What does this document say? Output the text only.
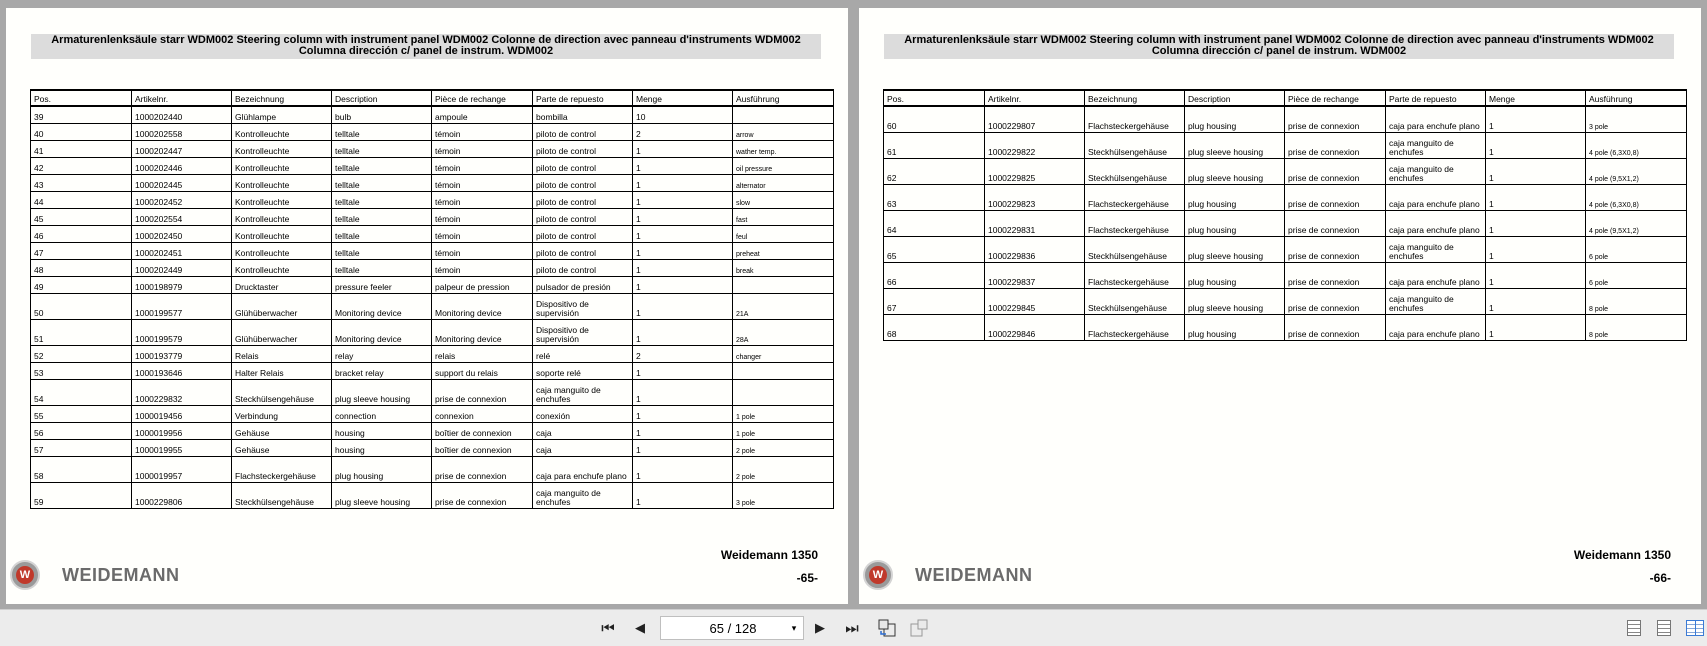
Armaturenlenksäule starr WDM002 Steering column with instrument panel WDM002 Colonne de direction avec panneau d'instruments WDM002 Columna dirección c/ panel de instrum. WDM002
Pos.	Artikelnr.	Bezeichnung	Description	Pièce de rechange	Parte de repuesto	Menge	Ausführung
39	1000202440	Glühlampe	bulb	ampoule	bombilla	10	
40	1000202558	Kontrolleuchte	telltale	témoin	piloto de control	2	arrow
41	1000202447	Kontrolleuchte	telltale	témoin	piloto de control	1	wather temp.
42	1000202446	Kontrolleuchte	telltale	témoin	piloto de control	1	oil pressure
43	1000202445	Kontrolleuchte	telltale	témoin	piloto de control	1	alternator
44	1000202452	Kontrolleuchte	telltale	témoin	piloto de control	1	slow
45	1000202554	Kontrolleuchte	telltale	témoin	piloto de control	1	fast
46	1000202450	Kontrolleuchte	telltale	témoin	piloto de control	1	feul
47	1000202451	Kontrolleuchte	telltale	témoin	piloto de control	1	preheat
48	1000202449	Kontrolleuchte	telltale	témoin	piloto de control	1	break
49	1000198979	Drucktaster	pressure feeler	palpeur de pression	pulsador de presión	1	
50	1000199577	Glühüberwacher	Monitoring device	Monitoring device	Dispositivo de supervisión	1	21A
51	1000199579	Glühüberwacher	Monitoring device	Monitoring device	Dispositivo de supervisión	1	28A
52	1000193779	Relais	relay	relais	relé	2	changer
53	1000193646	Halter Relais	bracket relay	support du relais	soporte relé	1	
54	1000229832	Steckhülsengehäuse	plug sleeve housing	prise de connexion	caja manguito de enchufes	1	
55	1000019456	Verbindung	connection	connexion	conexión	1	1 pole
56	1000019956	Gehäuse	housing	boîtier de connexion	caja	1	1 pole
57	1000019955	Gehäuse	housing	boîtier de connexion	caja	1	2 pole
58	1000019957	Flachsteckergehäuse	plug housing	prise de connexion	caja para enchufe plano	1	2 pole
59	1000229806	Steckhülsengehäuse	plug sleeve housing	prise de connexion	caja manguito de enchufes	1	3 pole
Weidemann 1350
-65-
W WEIDEMANN
Armaturenlenksäule starr WDM002 Steering column with instrument panel WDM002 Colonne de direction avec panneau d'instruments WDM002 Columna dirección c/ panel de instrum. WDM002
Pos.	Artikelnr.	Bezeichnung	Description	Pièce de rechange	Parte de repuesto	Menge	Ausführung
60	1000229807	Flachsteckergehäuse	plug housing	prise de connexion	caja para enchufe plano	1	3 pole
61	1000229822	Steckhülsengehäuse	plug sleeve housing	prise de connexion	caja manguito de enchufes	1	4 pole (6,3X0,8)
62	1000229825	Steckhülsengehäuse	plug sleeve housing	prise de connexion	caja manguito de enchufes	1	4 pole (9,5X1,2)
63	1000229823	Flachsteckergehäuse	plug housing	prise de connexion	caja para enchufe plano	1	4 pole (6,3X0,8)
64	1000229831	Flachsteckergehäuse	plug housing	prise de connexion	caja para enchufe plano	1	4 pole (9,5X1,2)
65	1000229836	Steckhülsengehäuse	plug sleeve housing	prise de connexion	caja manguito de enchufes	1	6 pole
66	1000229837	Flachsteckergehäuse	plug housing	prise de connexion	caja para enchufe plano	1	6 pole
67	1000229845	Steckhülsengehäuse	plug sleeve housing	prise de connexion	caja manguito de enchufes	1	8 pole
68	1000229846	Flachsteckergehäuse	plug housing	prise de connexion	caja para enchufe plano	1	8 pole
Weidemann 1350
-66-
W WEIDEMANN
⏮	◀	65 / 128	▾	▶	⏭
